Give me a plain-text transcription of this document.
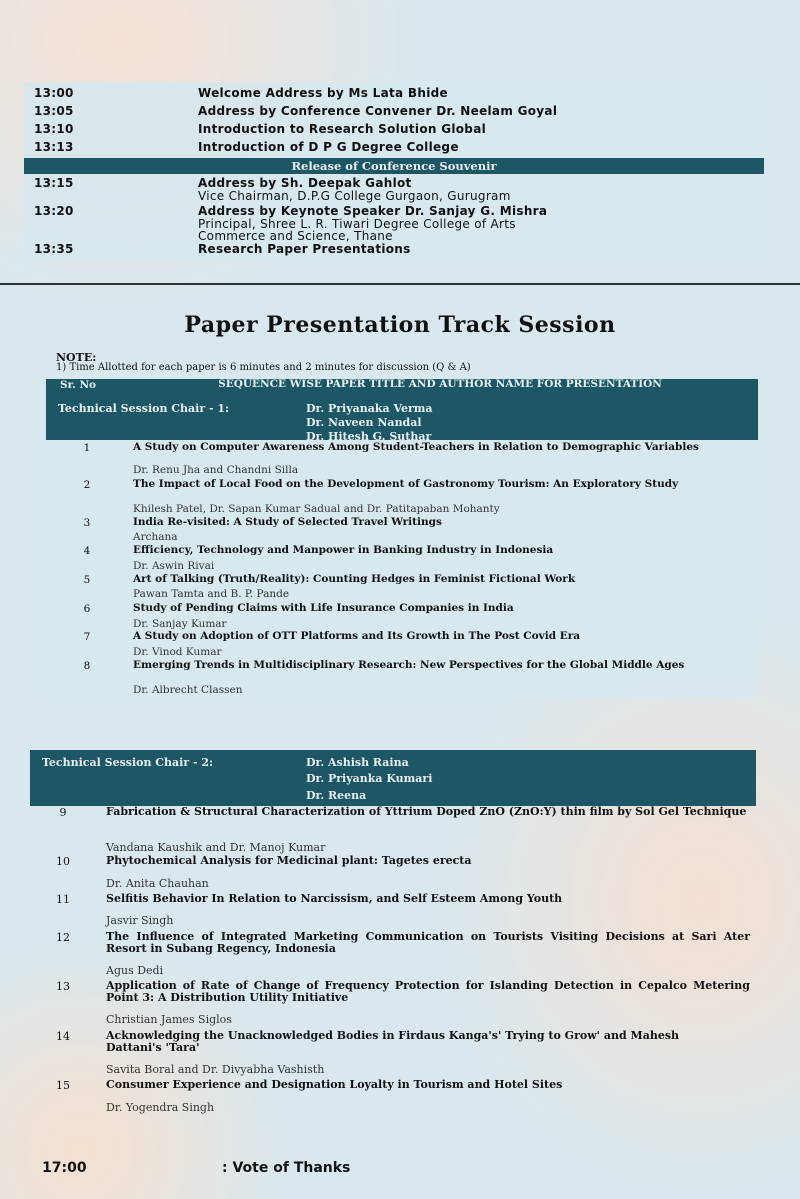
13:00	Welcome Address by Ms Lata Bhide
13:05	Address by Conference Convener Dr. Neelam Goyal
13:10	Introduction to Research Solution Global
13:13	Introduction of D P G Degree College
Release of Conference Souvenir
13:15	Address by Sh. Deepak Gahlot
Vice Chairman, D.P.G College Gurgaon, Gurugram
13:20	Address by Keynote Speaker Dr. Sanjay G. Mishra
Principal, Shree L. R. Tiwari Degree College of Arts
Commerce and Science, Thane
13:35	Research Paper Presentations
Paper Presentation Track Session
NOTE:
1) Time Allotted for each paper is 6 minutes and 2 minutes for discussion (Q & A)
Sr. No	SEQUENCE WISE PAPER TITLE AND AUTHOR NAME FOR PRESENTATION
Technical Session Chair - 1:	Dr. Priyanaka Verma
Dr. Naveen Nandal
Dr. Hitesh G. Suthar
1	A Study on Computer Awareness Among Student-Teachers in Relation to Demographic Variables
Dr. Renu Jha and Chandni Silla
2	The Impact of Local Food on the Development of Gastronomy Tourism: An Exploratory Study
Khilesh Patel, Dr. Sapan Kumar Sadual and Dr. Patitapaban Mohanty
3	India Re-visited: A Study of Selected Travel Writings
Archana
4	Efficiency, Technology and Manpower in Banking Industry in Indonesia
Dr. Aswin Rivai
5	Art of Talking (Truth/Reality): Counting Hedges in Feminist Fictional Work
Pawan Tamta and B. P. Pande
6	Study of Pending Claims with Life Insurance Companies in India
Dr. Sanjay Kumar
7	A Study on Adoption of OTT Platforms and Its Growth in The Post Covid Era
Dr. Vinod Kumar
8	Emerging Trends in Multidisciplinary Research: New Perspectives for the Global Middle Ages
Dr. Albrecht Classen
Technical Session Chair - 2:	Dr. Ashish Raina
Dr. Priyanka Kumari
Dr. Reena
9	Fabrication & Structural Characterization of Yttrium Doped ZnO (ZnO:Y) thin film by Sol Gel Technique
Vandana Kaushik and Dr. Manoj Kumar
10	Phytochemical Analysis for Medicinal plant: Tagetes erecta
Dr. Anita Chauhan
11	Selfitis Behavior In Relation to Narcissism, and Self Esteem Among Youth
Jasvir Singh
12	The Influence of Integrated Marketing Communication on Tourists Visiting Decisions at Sari Ater Resort in Subang Regency, Indonesia
Agus Dedi
13	Application of Rate of Change of Frequency Protection for Islanding Detection in Cepalco Metering Point 3: A Distribution Utility Initiative
Christian James Siglos
14	Acknowledging the Unacknowledged Bodies in Firdaus Kanga's' Trying to Grow' and Mahesh Dattani's 'Tara'
Savita Boral and Dr. Divyabha Vashisth
15	Consumer Experience and Designation Loyalty in Tourism and Hotel Sites
Dr. Yogendra Singh
17:00	: Vote of Thanks
